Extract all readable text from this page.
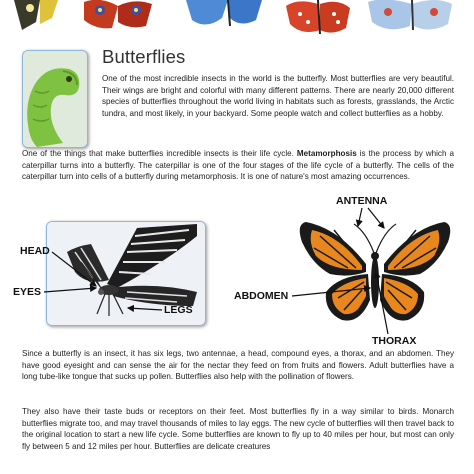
Butterflies

One of the most incredible insects in the world is the butterfly. Most butterflies are very beautiful. Their wings are bright and colorful with many different patterns. There are nearly 20,000 different species of butterflies throughout the world living in habitats such as forests, grasslands, the Arctic tundra, and most likely, in your backyard. Some people watch and collect butterflies as a hobby.

One of the things that make butterflies incredible insects is their life cycle. Metamorphosis is the process by which a caterpillar turns into a butterfly. The caterpillar is one of the four stages of the life cycle of a butterfly. The cells of the caterpillar turn into cells of a butterfly during metamorphosis. It is one of nature's most amazing occurrences.

HEAD
EYES
LEGS
ANTENNA
ABDOMEN
THORAX

Since a butterfly is an insect, it has six legs, two antennae, a head, compound eyes, a thorax, and an abdomen. They have good eyesight and can sense the air for the nectar they feed on from fruits and flowers. Adult butterflies have a long tube-like tongue that sucks up pollen. Butterflies also help with the pollination of flowers.

They also have their taste buds or receptors on their feet. Most butterflies fly in a way similar to birds. Monarch butterflies migrate too, and may travel thousands of miles to lay eggs. The new cycle of butterflies will then travel back to the original location to start a new life cycle. Some butterflies are known to fly up to 40 miles per hour, but most can only fly between 5 and 12 miles per hour. Butterflies are delicate creatures
